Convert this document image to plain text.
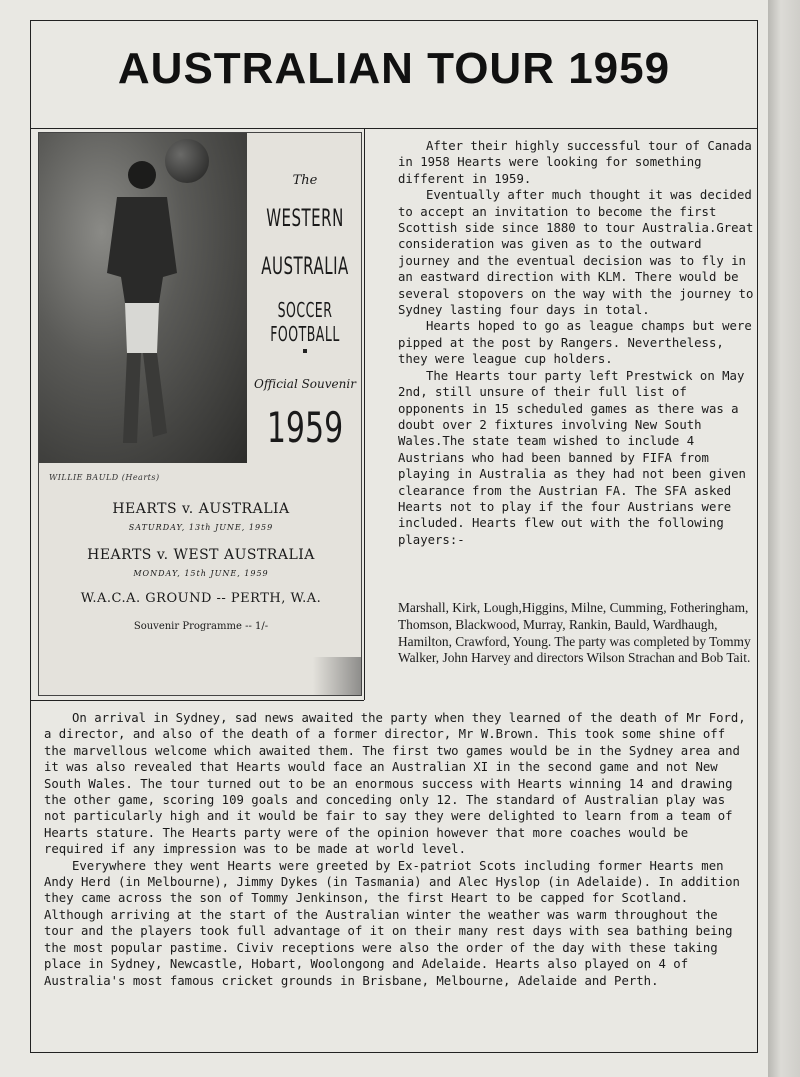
AUSTRALIAN TOUR 1959
WILLIE BAULD (Hearts)
The
WESTERN
AUSTRALIA
SOCCER FOOTBALL
Official Souvenir
1959
HEARTS v. AUSTRALIA
SATURDAY, 13th JUNE, 1959
HEARTS v. WEST AUSTRALIA
MONDAY, 15th JUNE, 1959
W.A.C.A. GROUND -- PERTH, W.A.
Souvenir Programme -- 1/-

After their highly successful tour of Canada in 1958 Hearts were looking for something different in 1959.

Eventually after much thought it was decided to accept an invitation to become the first Scottish side since 1880 to tour Australia.Great consideration was given as to the outward journey and the eventual decision was to fly in an eastward direction with KLM. There would be several stopovers on the way with the journey to Sydney lasting four days in total.

Hearts hoped to go as league champs but were pipped at the post by Rangers. Nevertheless, they were league cup holders.

The Hearts tour party left Prestwick on May 2nd, still unsure of their full list of opponents in 15 scheduled games as there was a doubt over 2 fixtures involving New South Wales.The state team wished to include 4 Austrians who had been banned by FIFA from playing in Australia as they had not been given clearance from the Austrian FA. The SFA asked Hearts not to play if the four Austrians were included. Hearts flew out with the following players:-

Marshall, Kirk, Lough,Higgins, Milne, Cumming, Fotheringham, Thomson, Blackwood, Murray, Rankin, Bauld, Wardhaugh, Hamilton, Crawford, Young. The party was completed by Tommy Walker, John Harvey and directors Wilson Strachan and Bob Tait.

On arrival in Sydney, sad news awaited the party when they learned of the death of Mr Ford, a director, and also of the death of a former director, Mr W.Brown. This took some shine off the marvellous welcome which awaited them. The first two games would be in the Sydney area and it was also revealed that Hearts would face an Australian XI in the second game and not New South Wales. The tour turned out to be an enormous success with Hearts winning 14 and drawing the other game, scoring 109 goals and conceding only 12. The standard of Australian play was not particularly high and it would be fair to say they were delighted to learn from a team of Hearts stature. The Hearts party were of the opinion however that more coaches would be required if any impression was to be made at world level.

Everywhere they went Hearts were greeted by Ex-patriot Scots including former Hearts men Andy Herd (in Melbourne), Jimmy Dykes (in Tasmania) and Alec Hyslop (in Adelaide). In addition they came across the son of Tommy Jenkinson, the first Heart to be capped for Scotland. Although arriving at the start of the Australian winter the weather was warm throughout the tour and the players took full advantage of it on their many rest days with sea bathing being the most popular pastime. Civiv receptions were also the order of the day with these taking place in Sydney, Newcastle, Hobart, Woolongong and Adelaide. Hearts also played on 4 of Australia's most famous cricket grounds in Brisbane, Melbourne, Adelaide and Perth.
